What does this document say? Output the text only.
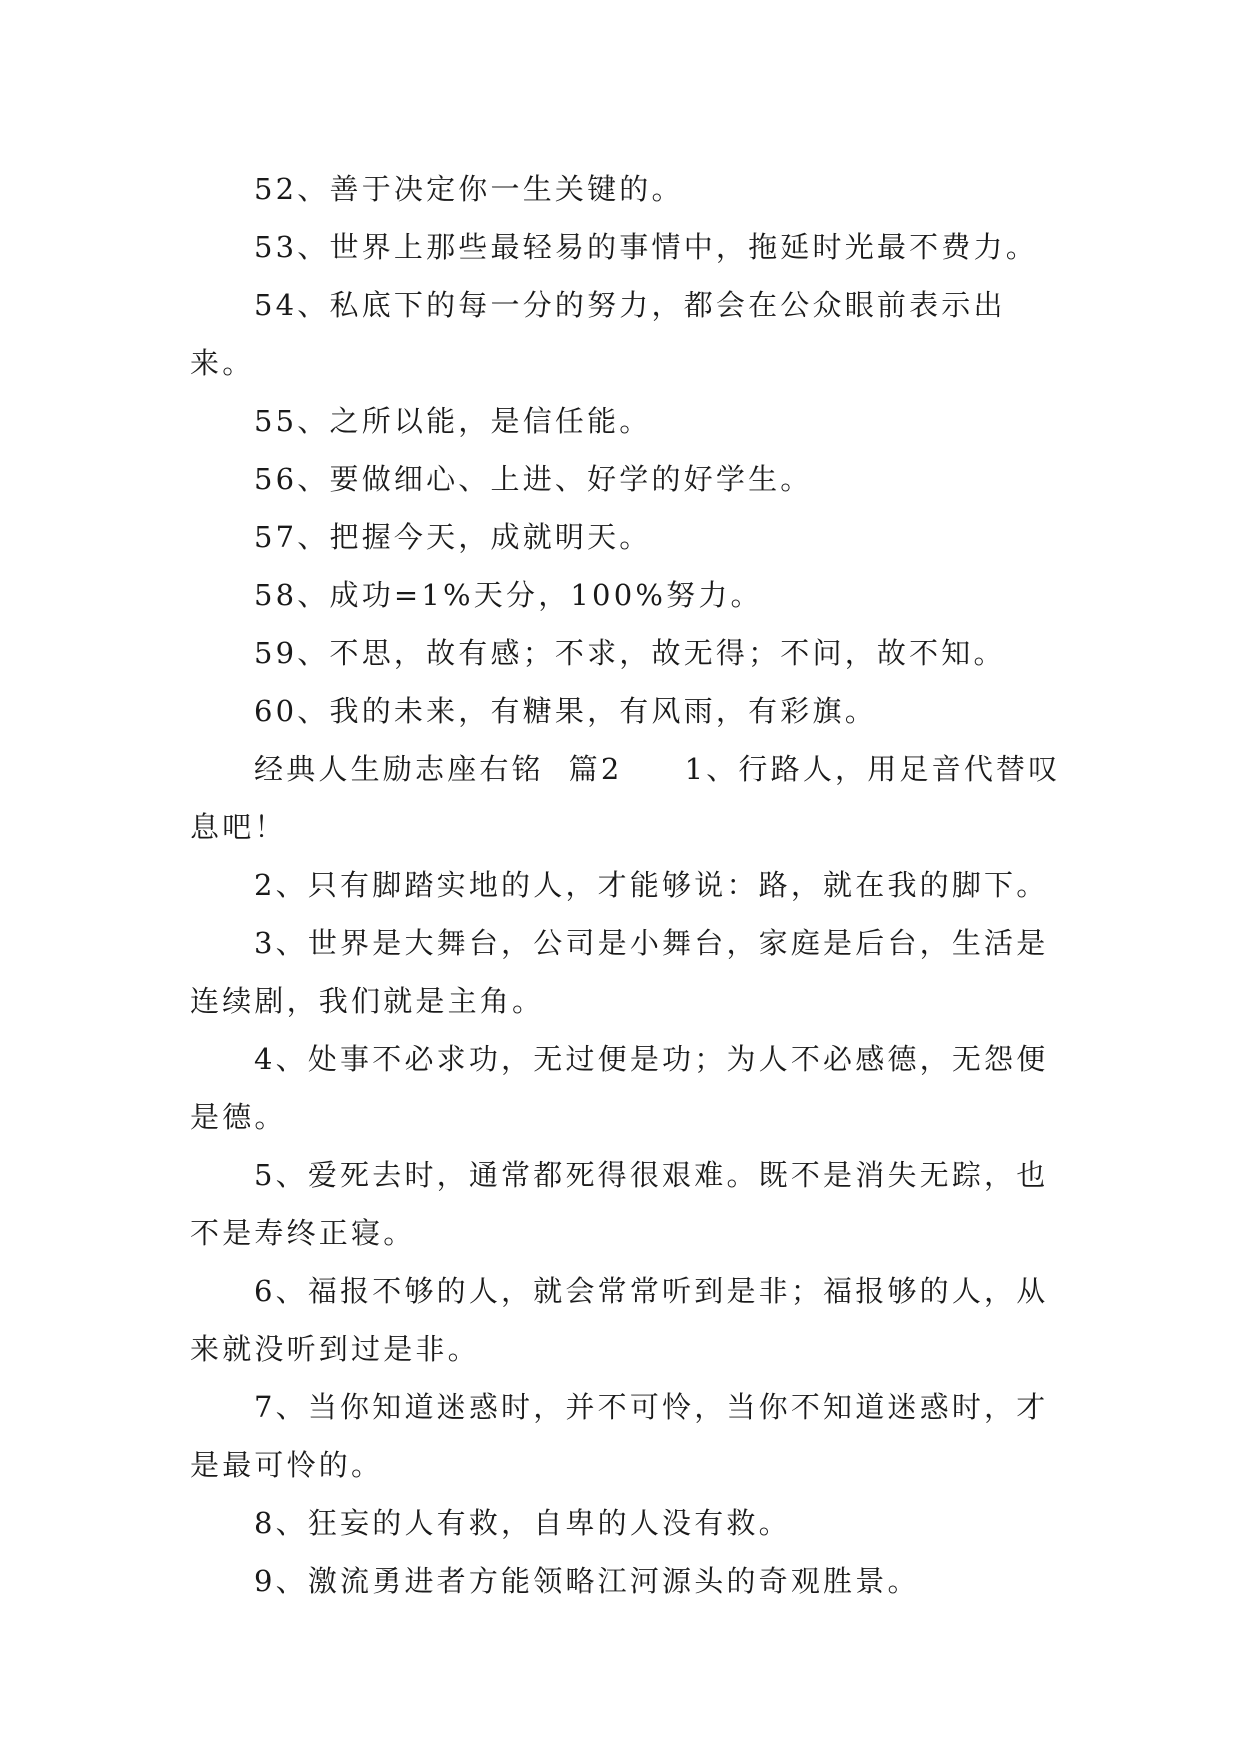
52、善于决定你一生关键的。

53、世界上那些最轻易的事情中，拖延时光最不费力。

54、私底下的每一分的努力，都会在公众眼前表示出来。

55、之所以能，是信任能。

56、要做细心、上进、好学的好学生。

57、把握今天，成就明天。

58、成功=1%天分，100%努力。

59、不思，故有感；不求，故无得；不问，故不知。

60、我的未来，有糖果，有风雨，有彩旗。

经典人生励志座右铭  篇2     1、行路人，用足音代替叹息吧！

2、只有脚踏实地的人，才能够说：路，就在我的脚下。

3、世界是大舞台，公司是小舞台，家庭是后台，生活是连续剧，我们就是主角。

4、处事不必求功，无过便是功；为人不必感德，无怨便是德。

5、爱死去时，通常都死得很艰难。既不是消失无踪，也不是寿终正寝。

6、福报不够的人，就会常常听到是非；福报够的人，从来就没听到过是非。

7、当你知道迷惑时，并不可怜，当你不知道迷惑时，才是最可怜的。

8、狂妄的人有救，自卑的人没有救。

9、激流勇进者方能领略江河源头的奇观胜景。
